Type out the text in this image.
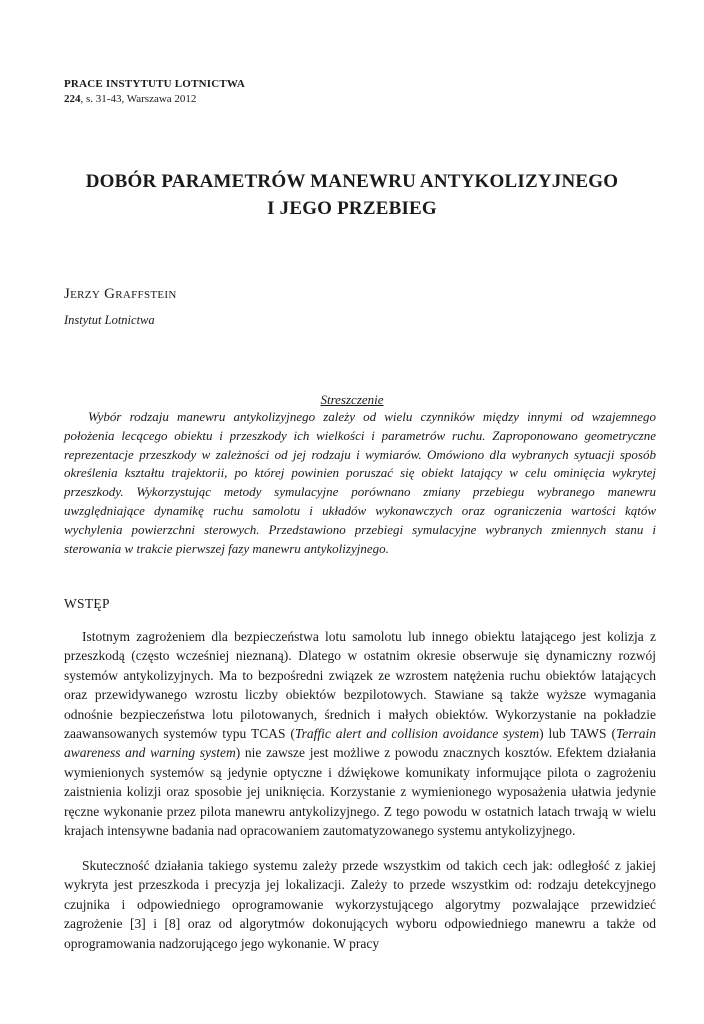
PRACE INSTYTUTU LOTNICTWA
224, s. 31-43, Warszawa 2012
DOBÓR PARAMETRÓW MANEWRU ANTYKOLIZYJNEGO
I JEGO PRZEBIEG
Jerzy Graffstein
Instytut Lotnictwa
Streszczenie

Wybór rodzaju manewru antykolizyjnego zależy od wielu czynników między innymi od wzajemnego położenia lecącego obiektu i przeszkody ich wielkości i parametrów ruchu. Zaproponowano geometryczne reprezentacje przeszkody w zależności od jej rodzaju i wymiarów. Omówiono dla wybranych sytuacji sposób określenia kształtu trajektorii, po której powinien poruszać się obiekt latający w celu ominięcia wykrytej przeszkody. Wykorzystując metody symulacyjne porównano zmiany przebiegu wybranego manewru uwzględniające dynamikę ruchu samolotu i układów wykonawczych oraz ograniczenia wartości kątów wychylenia powierzchni sterowych. Przedstawiono przebiegi symulacyjne wybranych zmiennych stanu i sterowania w trakcie pierwszej fazy manewru antykolizyjnego.

WSTĘP

Istotnym zagrożeniem dla bezpieczeństwa lotu samolotu lub innego obiektu latającego jest kolizja z przeszkodą (często wcześniej nieznaną). Dlatego w ostatnim okresie obserwuje się dynamiczny rozwój systemów antykolizyjnych. Ma to bezpośredni związek ze wzrostem natężenia ruchu obiektów latających oraz przewidywanego wzrostu liczby obiektów bezpilotowych. Stawiane są także wyższe wymagania odnośnie bezpieczeństwa lotu pilotowanych, średnich i małych obiektów. Wykorzystanie na pokładzie zaawansowanych systemów typu TCAS (Traffic alert and collision avoidance system) lub TAWS (Terrain awareness and warning system) nie zawsze jest możliwe z powodu znacznych kosztów. Efektem działania wymienionych systemów są jedynie optyczne i dźwiękowe komunikaty informujące pilota o zagrożeniu zaistnienia kolizji oraz sposobie jej uniknięcia. Korzystanie z wymienionego wyposażenia ułatwia jedynie ręczne wykonanie przez pilota manewru antykolizyjnego. Z tego powodu w ostatnich latach trwają w wielu krajach intensywne badania nad opracowaniem zautomatyzowanego systemu antykolizyjnego.

Skuteczność działania takiego systemu zależy przede wszystkim od takich cech jak: odległość z jakiej wykryta jest przeszkoda i precyzja jej lokalizacji. Zależy to przede wszystkim od: rodzaju detekcyjnego czujnika i odpowiedniego oprogramowanie wykorzystującego algorytmy pozwalające przewidzieć zagrożenie [3] i [8] oraz od algorytmów dokonujących wyboru odpowiedniego manewru a także od oprogramowania nadzorującego jego wykonanie. W pracy
